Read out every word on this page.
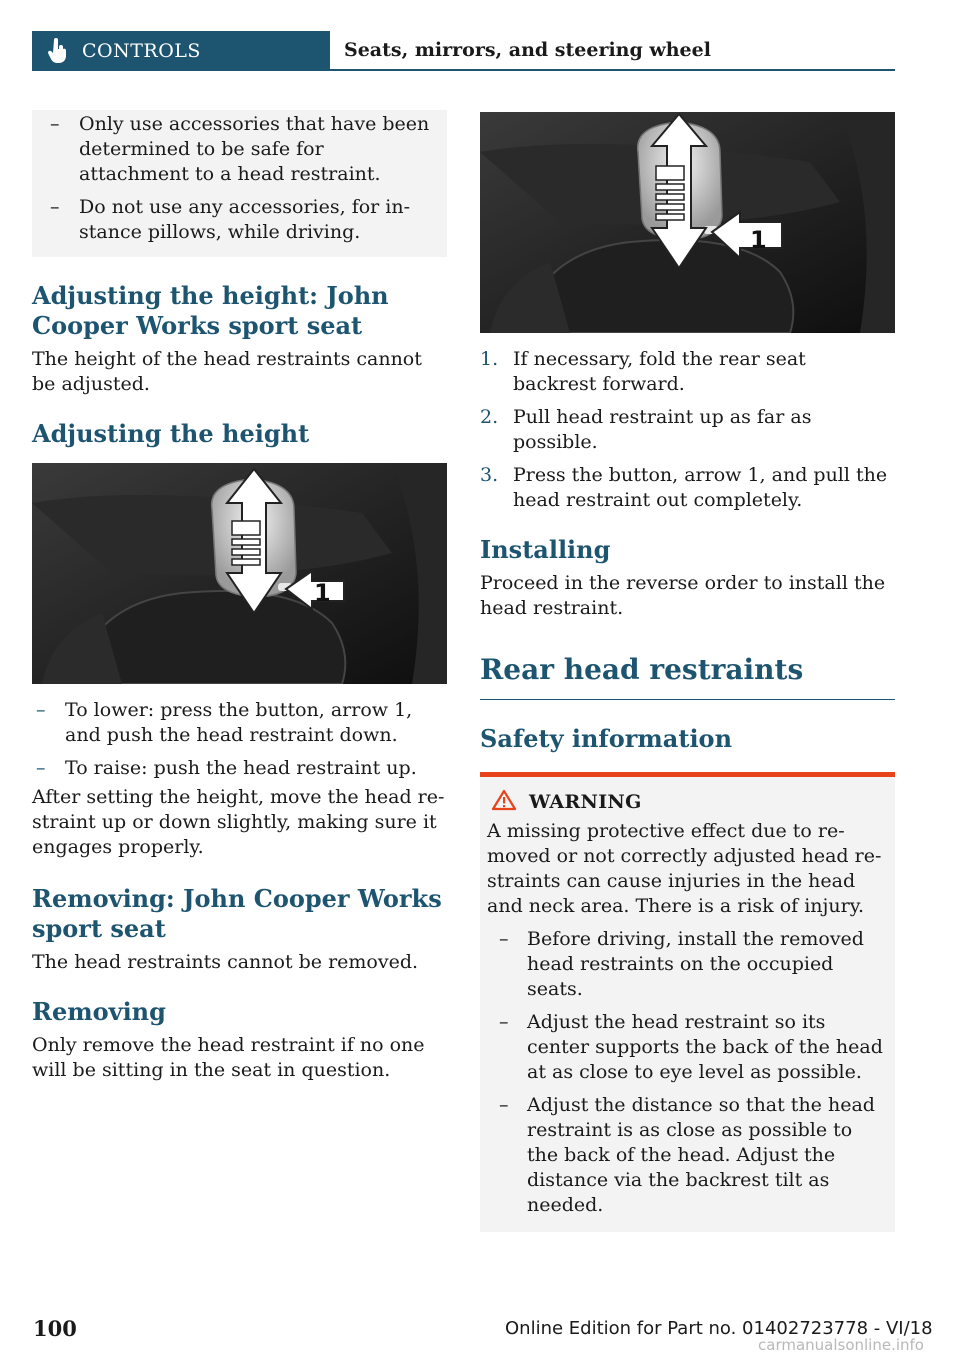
CONTROLS	Seats, mirrors, and steering wheel
– Only use accessories that have been determined to be safe for attachment to a head restraint.
– Do not use any accessories, for in-stance pillows, while driving.
Adjusting the height: John Cooper Works sport seat

The height of the head restraints cannot be adjusted.

Adjusting the height
1
– To lower: press the button, arrow 1, and push the head restraint down.
– To raise: push the head restraint up.

After setting the height, move the head re-straint up or down slightly, making sure it engages properly.

Removing: John Cooper Works sport seat

The head restraints cannot be removed.

Removing

Only remove the head restraint if no one will be sitting in the seat in question.

1
1. If necessary, fold the rear seat backrest forward.
2. Pull head restraint up as far as possible.
3. Press the button, arrow 1, and pull the head restraint out completely.
Installing

Proceed in the reverse order to install the head restraint.

Rear head restraints
Safety information
WARNING

A missing protective effect due to re-moved or not correctly adjusted head re-straints can cause injuries in the head and neck area. There is a risk of injury.

– Before driving, install the removed head restraints on the occupied seats.
– Adjust the head restraint so its center supports the back of the head at as close to eye level as possible.
– Adjust the distance so that the head restraint is as close as possible to the back of the head. Adjust the distance via the backrest tilt as needed.
100	Online Edition for Part no. 01402723778 - VI/18
carmanualsonline.info
